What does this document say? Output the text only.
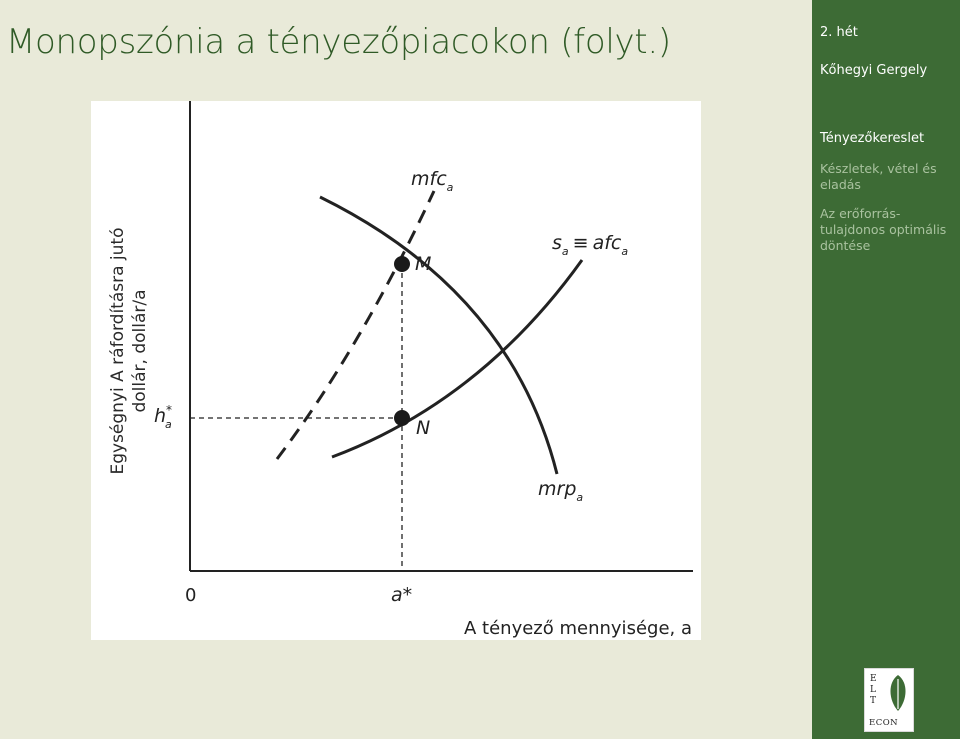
Monopszónia a tényezőpiacokon (folyt.)
mfc$_a$
$s_a \equiv afc_a$
mrp$_a$
M
N
h* a
0	a*
A tényező mennyisége, a
Egységnyi A ráfordításra jutó dollár, dollár/a
2. hét
Kőhegyi Gergely
Tényezőkereslet
Készletek, vétel és eladás
Az erőforrás-tulajdonos optimális döntése
E
L
T
ECON
